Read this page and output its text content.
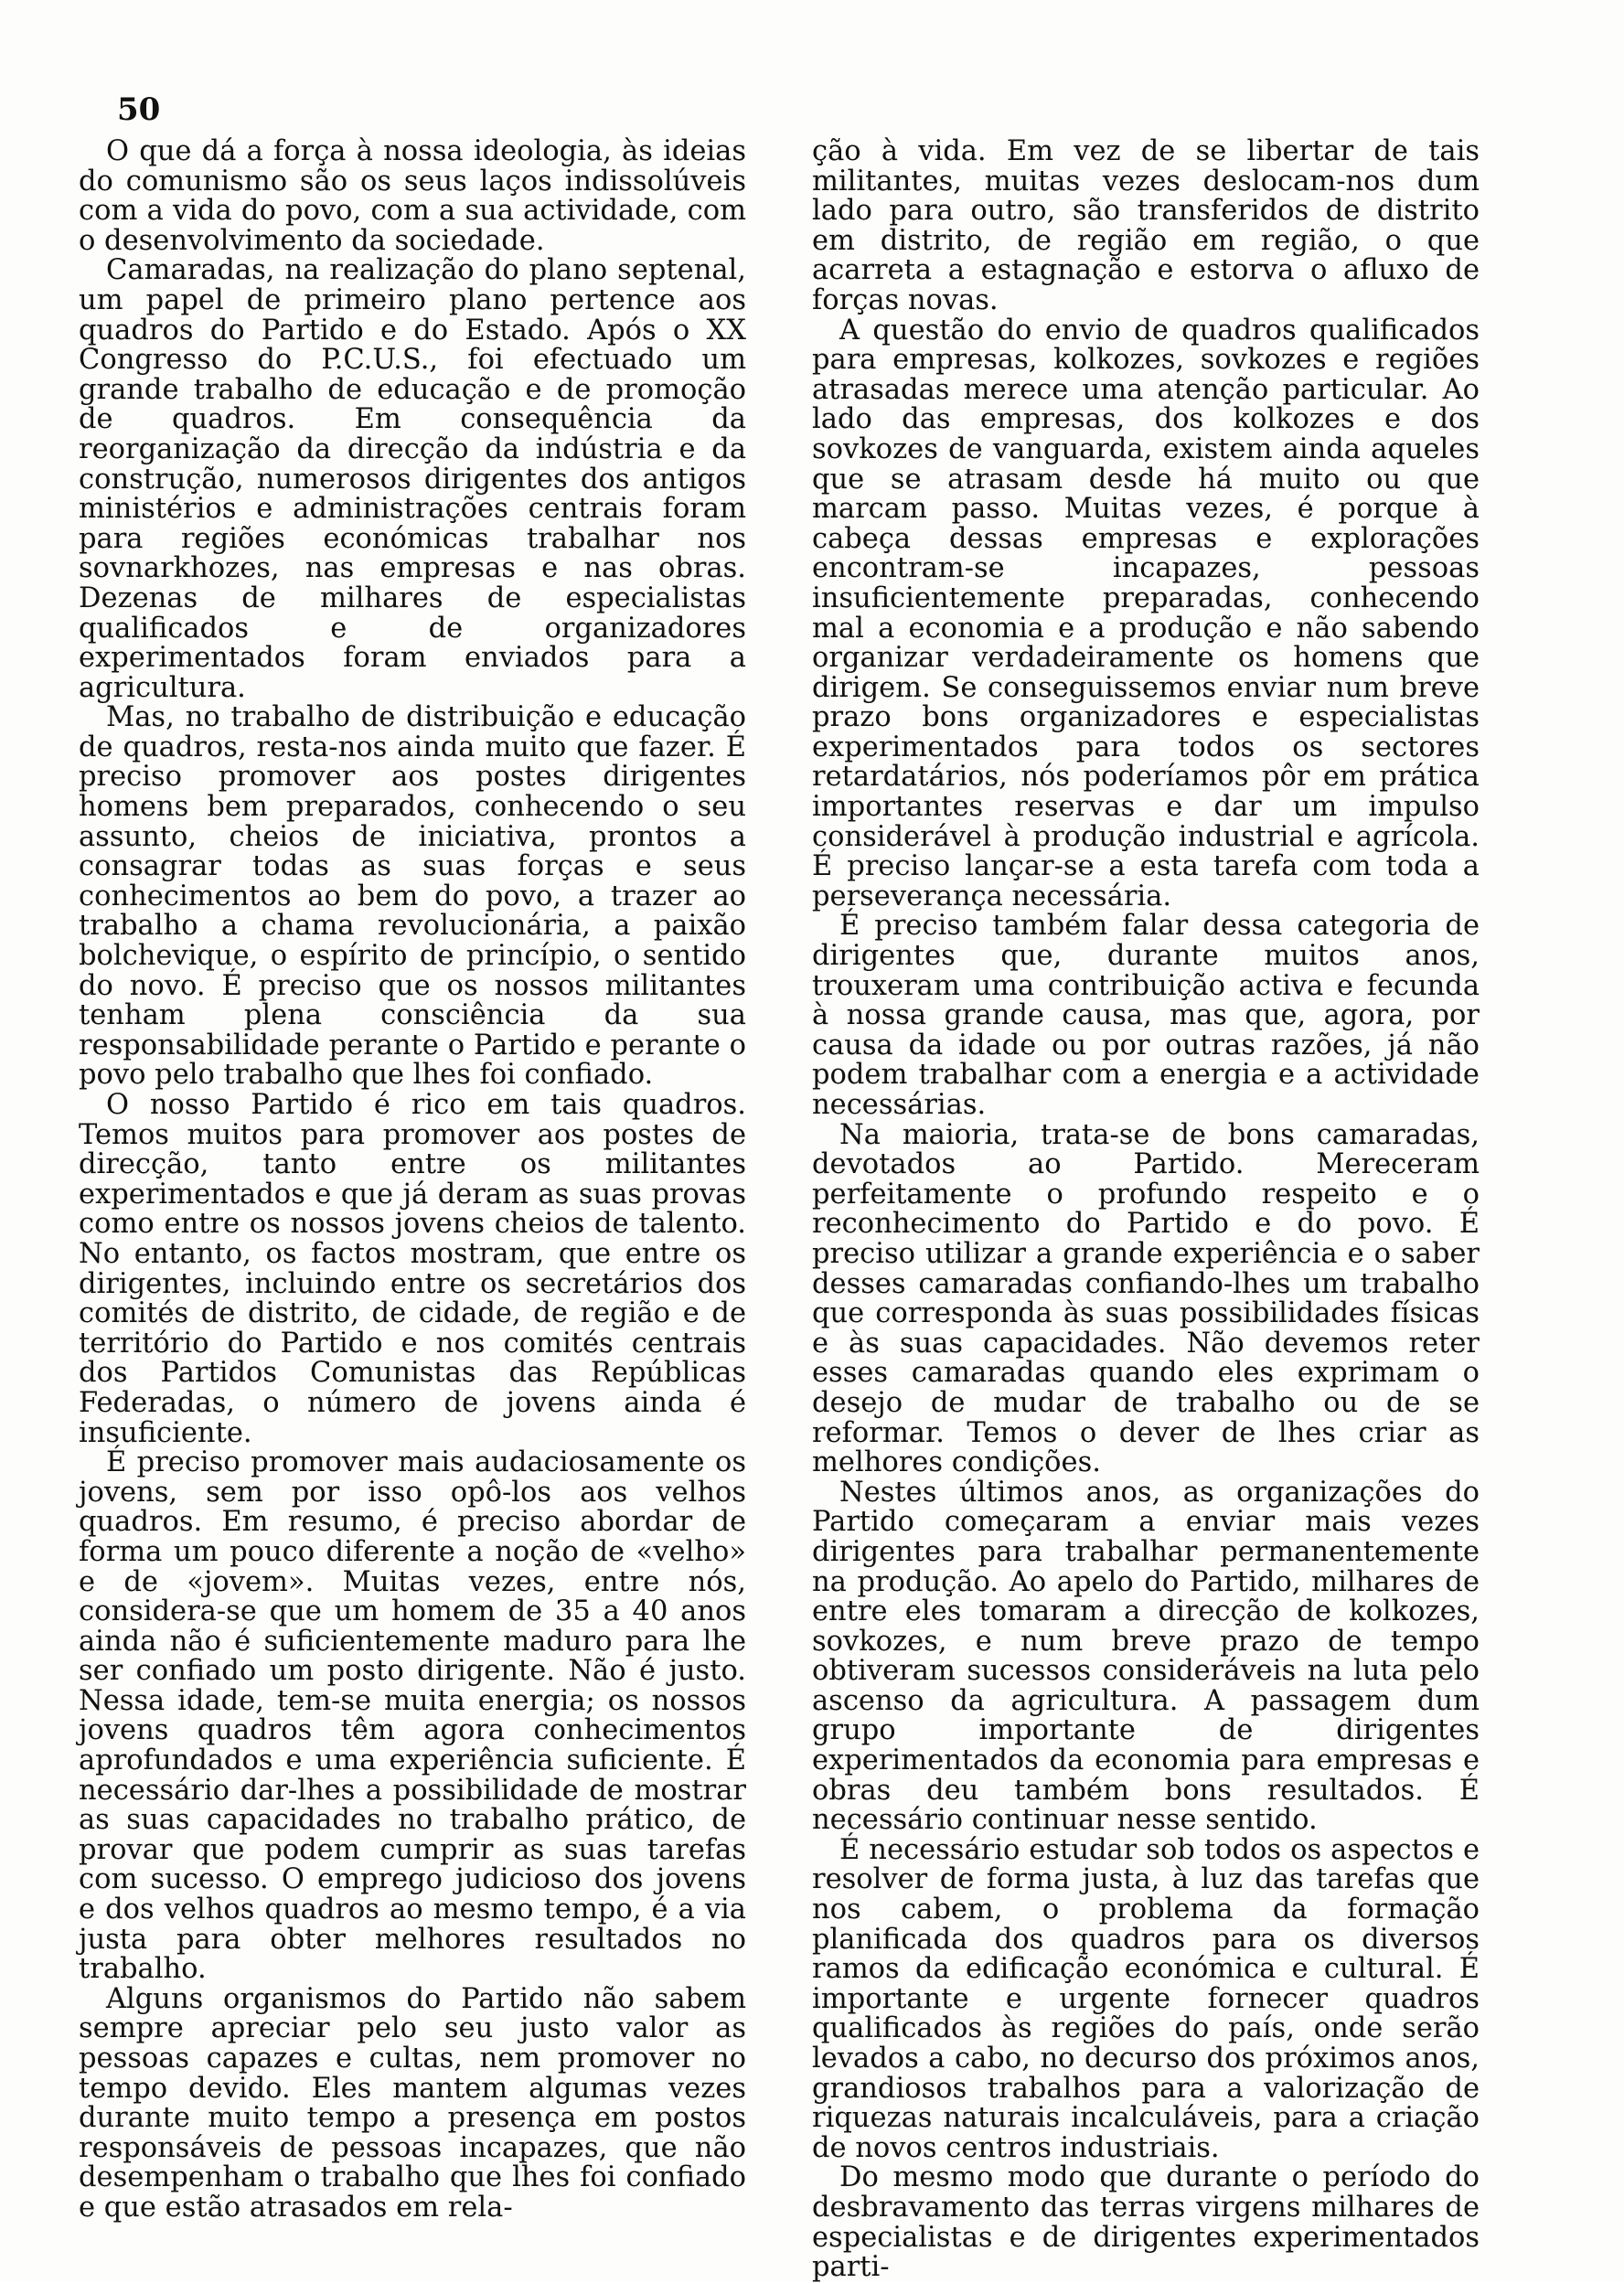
50

O que dá a força à nossa ideologia, às ideias do comunismo são os seus laços indissolúveis com a vida do povo, com a sua actividade, com o desenvolvimento da sociedade.

Camaradas, na realização do plano septenal, um papel de primeiro plano pertence aos quadros do Partido e do Estado. Após o XX Congresso do P.C.U.S., foi efectuado um grande trabalho de educação e de promoção de quadros. Em consequência da reorganização da direcção da indústria e da construção, numerosos dirigentes dos antigos ministérios e administrações centrais foram para regiões económicas trabalhar nos sovnarkhozes, nas empresas e nas obras. Dezenas de milhares de especialistas qualificados e de organizadores experimentados foram enviados para a agricultura.

Mas, no trabalho de distribuição e educação de quadros, resta-nos ainda muito que fazer. É preciso promover aos postes dirigentes homens bem preparados, conhecendo o seu assunto, cheios de iniciativa, prontos a consagrar todas as suas forças e seus conhecimentos ao bem do povo, a trazer ao trabalho a chama revolucionária, a paixão bolchevique, o espírito de princípio, o sentido do novo. É preciso que os nossos militantes tenham plena consciência da sua responsabilidade perante o Partido e perante o povo pelo trabalho que lhes foi confiado.

O nosso Partido é rico em tais quadros. Temos muitos para promover aos postes de direcção, tanto entre os militantes experimentados e que já deram as suas provas como entre os nossos jovens cheios de talento. No entanto, os factos mostram, que entre os dirigentes, incluindo entre os secretários dos comités de distrito, de cidade, de região e de território do Partido e nos comités centrais dos Partidos Comunistas das Repúblicas Federadas, o número de jovens ainda é insuficiente.

É preciso promover mais audaciosamente os jovens, sem por isso opô-los aos velhos quadros. Em resumo, é preciso abordar de forma um pouco diferente a noção de «velho» e de «jovem». Muitas vezes, entre nós, considera-se que um homem de 35 a 40 anos ainda não é suficientemente maduro para lhe ser confiado um posto dirigente. Não é justo. Nessa idade, tem-se muita energia; os nossos jovens quadros têm agora conhecimentos aprofundados e uma experiência suficiente. É necessário dar-lhes a possibilidade de mostrar as suas capacidades no trabalho prático, de provar que podem cumprir as suas tarefas com sucesso. O emprego judicioso dos jovens e dos velhos quadros ao mesmo tempo, é a via justa para obter melhores resultados no trabalho.

Alguns organismos do Partido não sabem sempre apreciar pelo seu justo valor as pessoas capazes e cultas, nem promover no tempo devido. Eles mantem algumas vezes durante muito tempo a presença em postos responsáveis de pessoas incapazes, que não desempenham o trabalho que lhes foi confiado e que estão atrasados em rela-

ção à vida. Em vez de se libertar de tais militantes, muitas vezes deslocam-nos dum lado para outro, são transferidos de distrito em distrito, de região em região, o que acarreta a estagnação e estorva o afluxo de forças novas.

A questão do envio de quadros qualificados para empresas, kolkozes, sovkozes e regiões atrasadas merece uma atenção particular. Ao lado das empresas, dos kolkozes e dos sovkozes de vanguarda, existem ainda aqueles que se atrasam desde há muito ou que marcam passo. Muitas vezes, é porque à cabeça dessas empresas e explorações encontram-se incapazes, pessoas insuficientemente preparadas, conhecendo mal a economia e a produção e não sabendo organizar verdadeiramente os homens que dirigem. Se conseguissemos enviar num breve prazo bons organizadores e especialistas experimentados para todos os sectores retardatários, nós poderíamos pôr em prática importantes reservas e dar um impulso considerável à produção industrial e agrícola. É preciso lançar-se a esta tarefa com toda a perseverança necessária.

É preciso também falar dessa categoria de dirigentes que, durante muitos anos, trouxeram uma contribuição activa e fecunda à nossa grande causa, mas que, agora, por causa da idade ou por outras razões, já não podem trabalhar com a energia e a actividade necessárias.

Na maioria, trata-se de bons camaradas, devotados ao Partido. Mereceram perfeitamente o profundo respeito e o reconhecimento do Partido e do povo. É preciso utilizar a grande experiência e o saber desses camaradas confiando-lhes um trabalho que corresponda às suas possibilidades físicas e às suas capacidades. Não devemos reter esses camaradas quando eles exprimam o desejo de mudar de trabalho ou de se reformar. Temos o dever de lhes criar as melhores condições.

Nestes últimos anos, as organizações do Partido começaram a enviar mais vezes dirigentes para trabalhar permanentemente na produção. Ao apelo do Partido, milhares de entre eles tomaram a direcção de kolkozes, sovkozes, e num breve prazo de tempo obtiveram sucessos consideráveis na luta pelo ascenso da agricultura. A passagem dum grupo importante de dirigentes experimentados da economia para empresas e obras deu também bons resultados. É necessário continuar nesse sentido.

É necessário estudar sob todos os aspectos e resolver de forma justa, à luz das tarefas que nos cabem, o problema da formação planificada dos quadros para os diversos ramos da edificação económica e cultural. É importante e urgente fornecer quadros qualificados às regiões do país, onde serão levados a cabo, no decurso dos próximos anos, grandiosos trabalhos para a valorização de riquezas naturais incalculáveis, para a criação de novos centros industriais.

Do mesmo modo que durante o período do desbravamento das terras virgens milhares de especialistas e de dirigentes experimentados parti-
